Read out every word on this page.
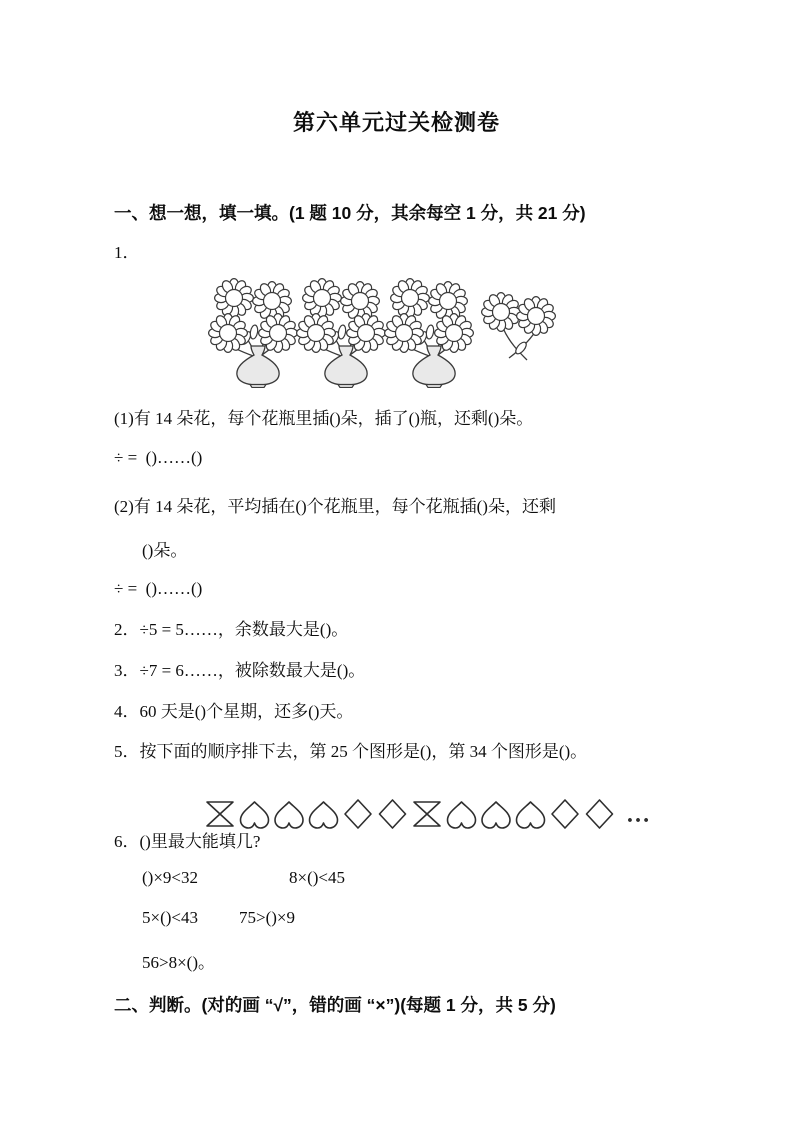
第六单元过关检测卷
一、想一想，填一填。(1 题 10 分，其余每空 1 分，共 21 分)
1．

(1)有 14 朵花，每个花瓶里插()朵，插了()瓶，还剩()朵。
÷ =  ()……()
(2)有 14 朵花，平均插在()个花瓶里，每个花瓶插()朵，还剩
()朵。
÷ =  ()……()
2．÷5 = 5……，余数最大是()。
3．÷7 = 6……，被除数最大是()。
4．60 天是()个星期，还多()天。
5．按下面的顺序排下去，第 25 个图形是()，第 34 个图形是()。

…

6．()里最大能填几?
()×9<32	8×()<45
5×()<43 75>()×9
56>8×()。
二、判断。(对的画 “√”，错的画 “×”)(每题 1 分，共 5 分)
